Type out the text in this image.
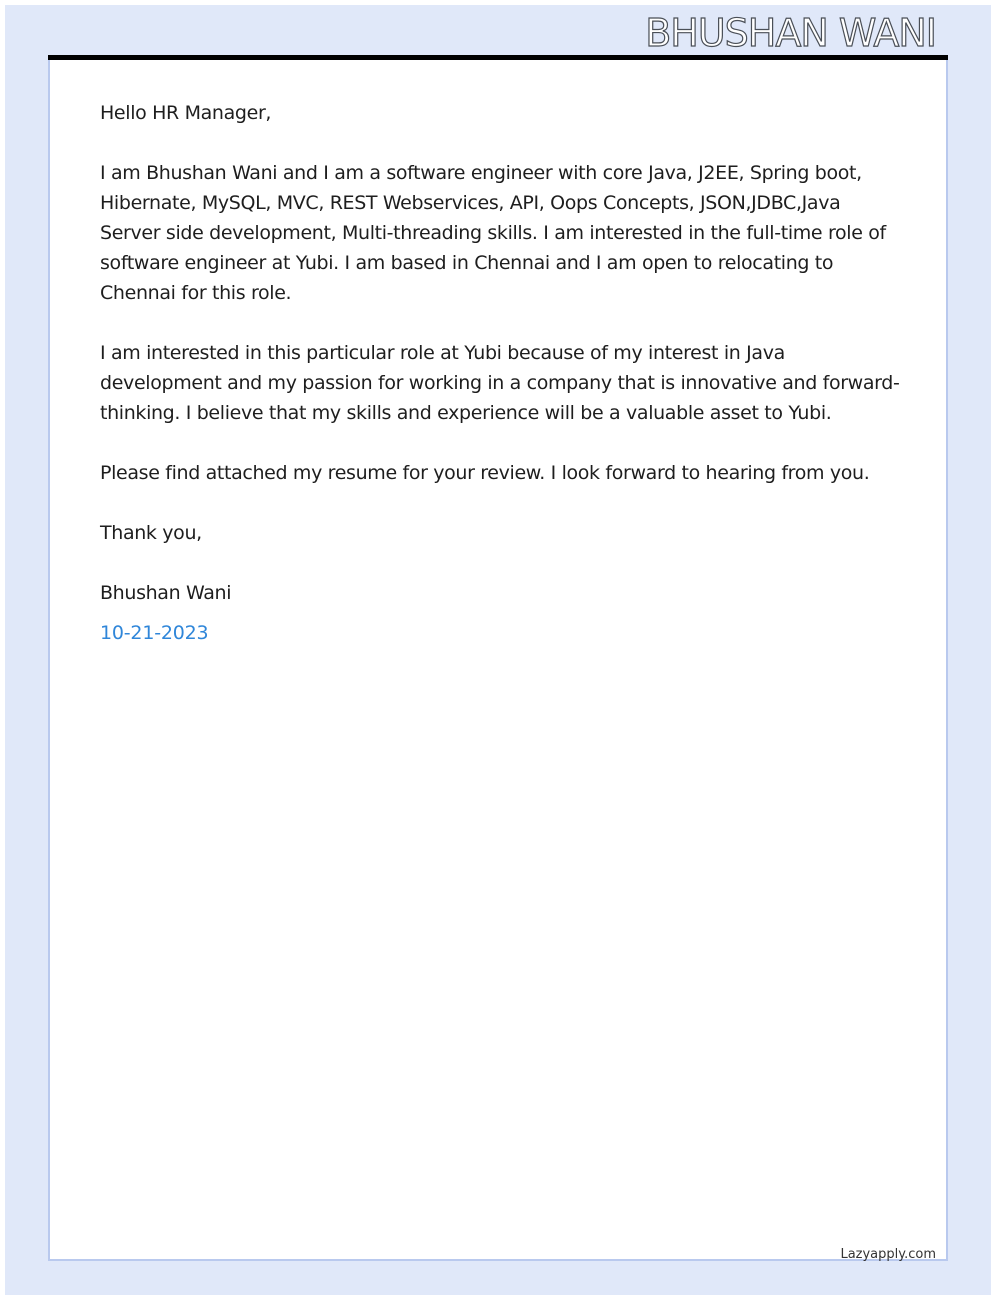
BHUSHAN WANI

Hello HR Manager,

I am Bhushan Wani and I am a software engineer with core Java, J2EE, Spring boot, Hibernate, MySQL, MVC, REST Webservices, API, Oops Concepts, JSON,JDBC,Java Server side development, Multi-threading skills. I am interested in the full-time role of software engineer at Yubi. I am based in Chennai and I am open to relocating to Chennai for this role.

I am interested in this particular role at Yubi because of my interest in Java development and my passion for working in a company that is innovative and forward-thinking. I believe that my skills and experience will be a valuable asset to Yubi.

Please find attached my resume for your review. I look forward to hearing from you.

Thank you,

Bhushan Wani

10-21-2023

Lazyapply.com
